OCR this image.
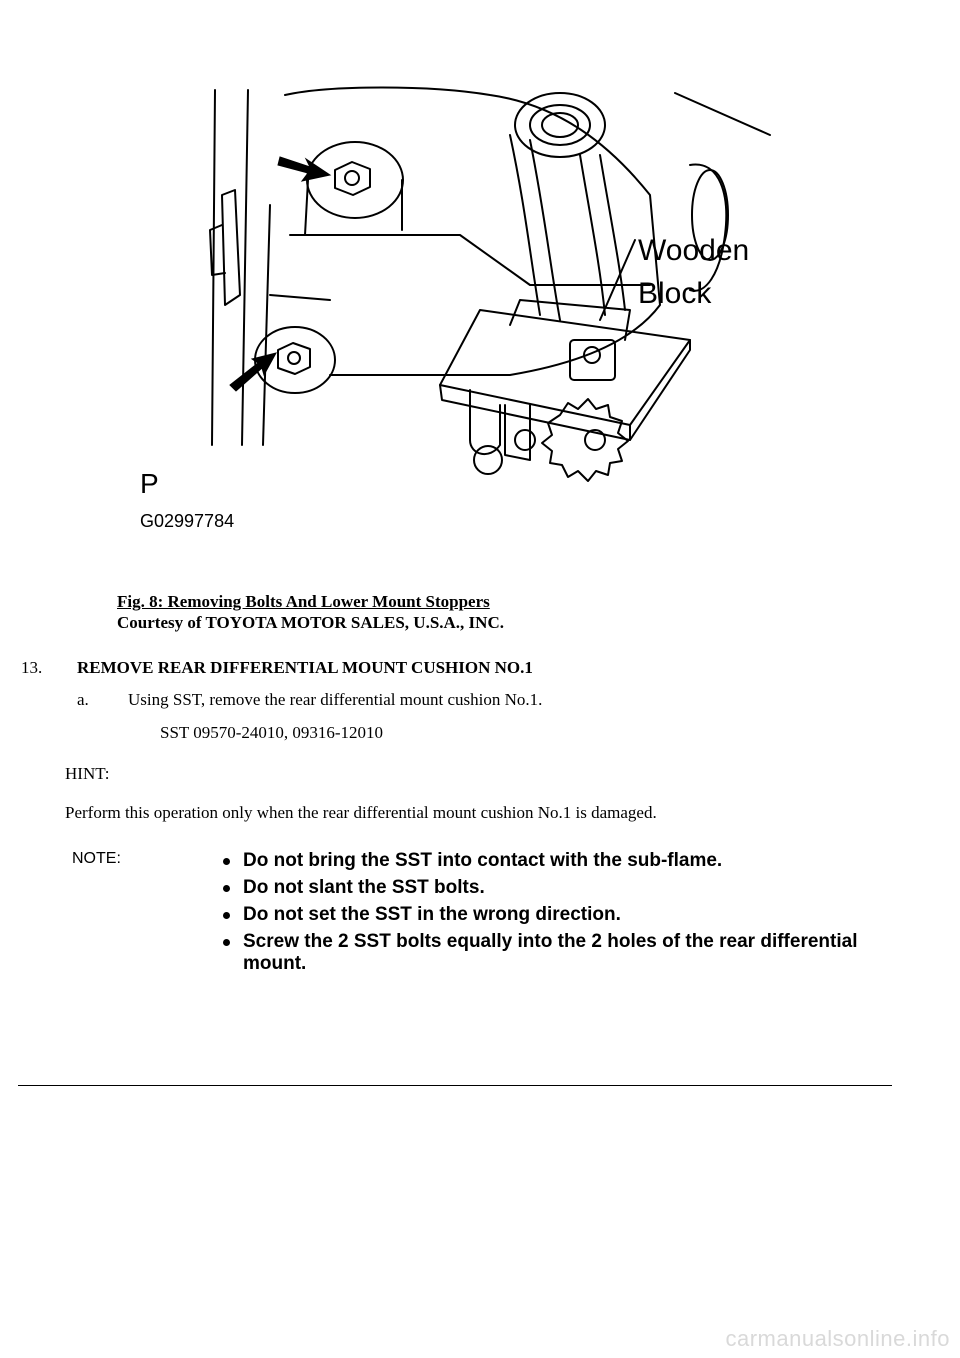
Wooden
Block
P
G02997784
Fig. 8: Removing Bolts And Lower Mount Stoppers
Courtesy of TOYOTA MOTOR SALES, U.S.A., INC.
13. REMOVE REAR DIFFERENTIAL MOUNT CUSHION NO.1
a. Using SST, remove the rear differential mount cushion No.1.
SST 09570-24010, 09316-12010
HINT:
Perform this operation only when the rear differential mount cushion No.1 is damaged.
NOTE:	Do not bring the SST into contact with the sub-flame.
Do not slant the SST bolts.
Do not set the SST in the wrong direction.
Screw the 2 SST bolts equally into the 2 holes of the rear differential mount.
carmanualsonline.info
